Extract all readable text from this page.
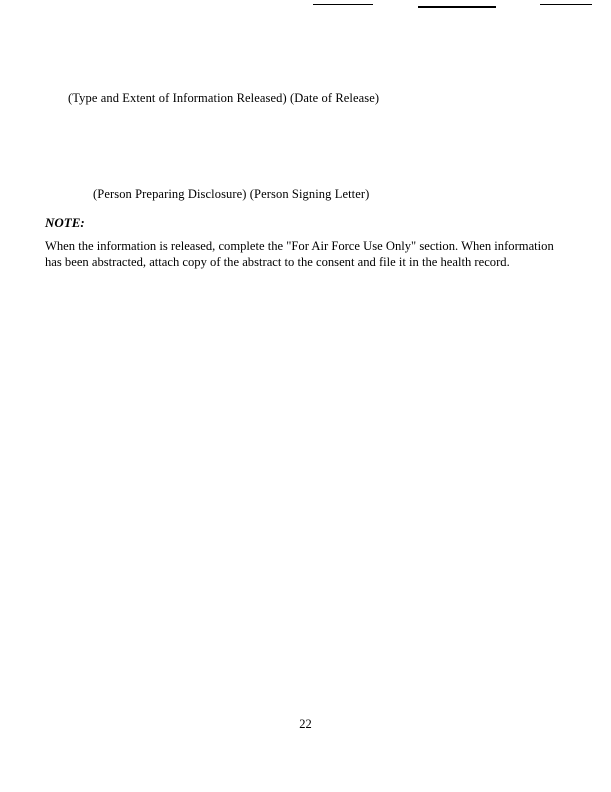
(Type and Extent of Information Released) (Date of Release)
(Person Preparing Disclosure) (Person Signing Letter)
NOTE:
When the information is released, complete the "For Air Force Use Only" section. When information has been abstracted, attach copy of the abstract to the consent and file it in the health record.
22
